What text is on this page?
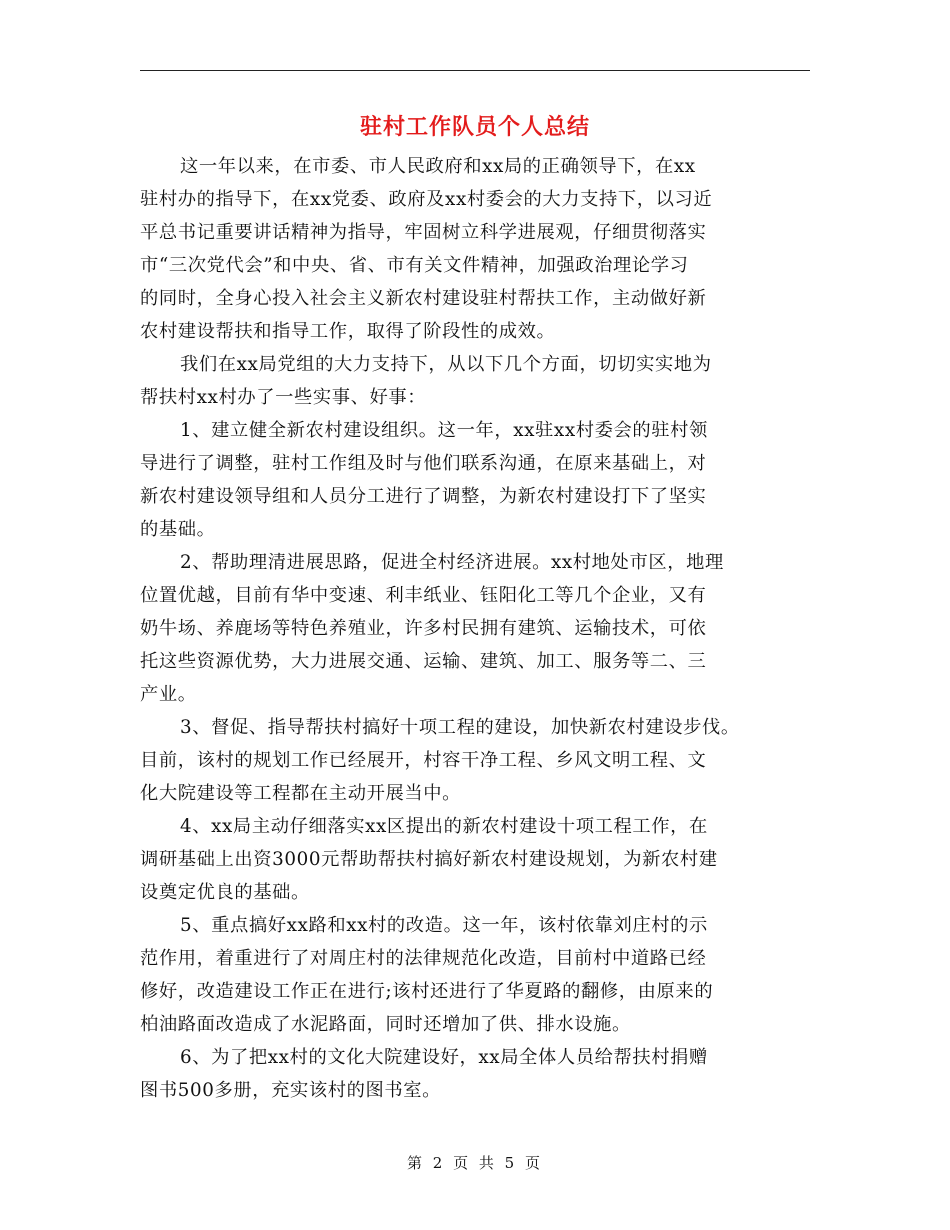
驻村工作队员个人总结
这一年以来，在市委、市人民政府和xx局的正确领导下，在xx
驻村办的指导下，在xx党委、政府及xx村委会的大力支持下，以习近
平总书记重要讲话精神为指导，牢固树立科学进展观，仔细贯彻落实
市“三次党代会”和中央、省、市有关文件精神，加强政治理论学习
的同时，全身心投入社会主义新农村建设驻村帮扶工作，主动做好新
农村建设帮扶和指导工作，取得了阶段性的成效。
我们在xx局党组的大力支持下，从以下几个方面，切切实实地为
帮扶村xx村办了一些实事、好事：
1、建立健全新农村建设组织。这一年，xx驻xx村委会的驻村领
导进行了调整，驻村工作组及时与他们联系沟通，在原来基础上，对
新农村建设领导组和人员分工进行了调整，为新农村建设打下了坚实
的基础。
2、帮助理清进展思路，促进全村经济进展。xx村地处市区，地理
位置优越，目前有华中变速、利丰纸业、钰阳化工等几个企业，又有
奶牛场、养鹿场等特色养殖业，许多村民拥有建筑、运输技术，可依
托这些资源优势，大力进展交通、运输、建筑、加工、服务等二、三
产业。
3、督促、指导帮扶村搞好十项工程的建设，加快新农村建设步伐。
目前，该村的规划工作已经展开，村容干净工程、乡风文明工程、文
化大院建设等工程都在主动开展当中。
4、xx局主动仔细落实xx区提出的新农村建设十项工程工作，在
调研基础上出资3000元帮助帮扶村搞好新农村建设规划，为新农村建
设奠定优良的基础。
5、重点搞好xx路和xx村的改造。这一年，该村依靠刘庄村的示
范作用，着重进行了对周庄村的法律规范化改造，目前村中道路已经
修好，改造建设工作正在进行;该村还进行了华夏路的翻修，由原来的
柏油路面改造成了水泥路面，同时还增加了供、排水设施。
6、为了把xx村的文化大院建设好，xx局全体人员给帮扶村捐赠
图书500多册，充实该村的图书室。
第 2 页 共 5 页
